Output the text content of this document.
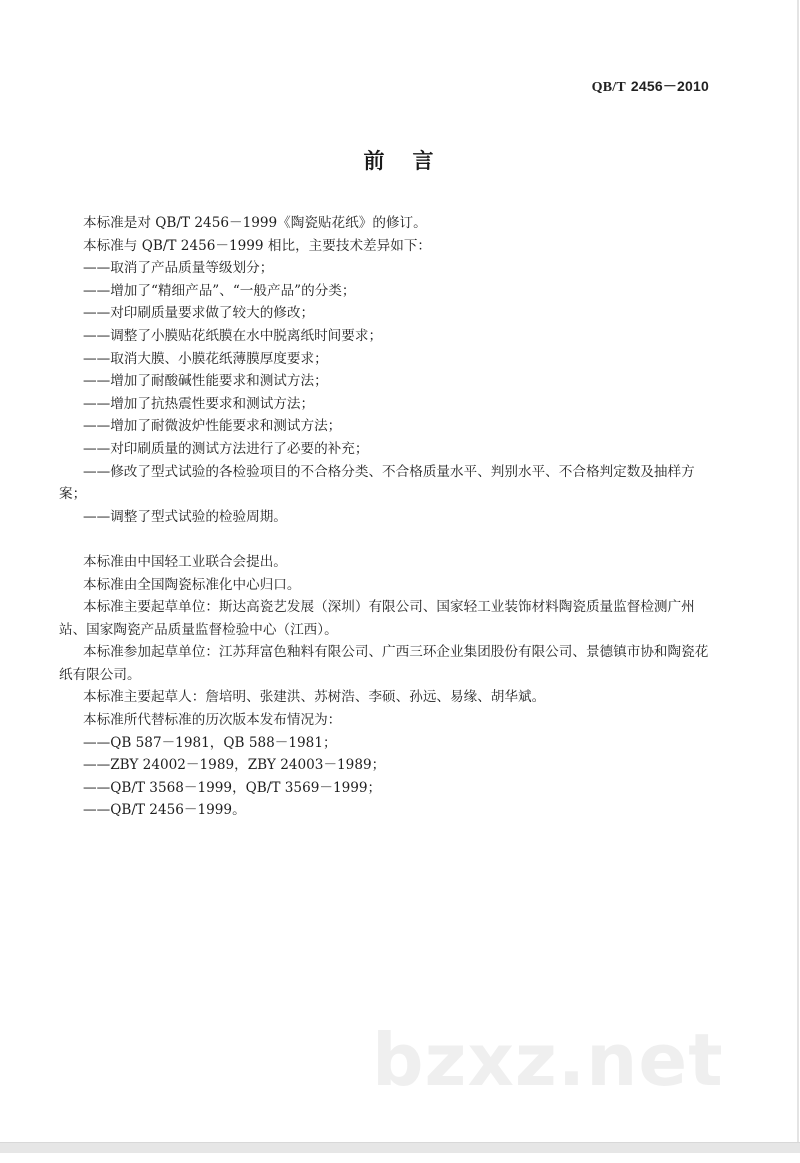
QB/T 2456－2010
前言

本标准是对 QB/T 2456－1999《陶瓷贴花纸》的修订。

本标准与 QB/T 2456－1999 相比，主要技术差异如下：

——取消了产品质量等级划分；

——增加了“精细产品”、“一般产品”的分类；

——对印刷质量要求做了较大的修改；

——调整了小膜贴花纸膜在水中脱离纸时间要求；

——取消大膜、小膜花纸薄膜厚度要求；

——增加了耐酸碱性能要求和测试方法；

——增加了抗热震性要求和测试方法；

——增加了耐微波炉性能要求和测试方法；

——对印刷质量的测试方法进行了必要的补充；

——修改了型式试验的各检验项目的不合格分类、不合格质量水平、判别水平、不合格判定数及抽样方案；

——调整了型式试验的检验周期。

本标准由中国轻工业联合会提出。

本标准由全国陶瓷标准化中心归口。

本标准主要起草单位：斯达高瓷艺发展（深圳）有限公司、国家轻工业装饰材料陶瓷质量监督检测广州站、国家陶瓷产品质量监督检验中心（江西）。

本标准参加起草单位：江苏拜富色釉料有限公司、广西三环企业集团股份有限公司、景德镇市协和陶瓷花纸有限公司。

本标准主要起草人：詹培明、张建洪、苏树浩、李硕、孙远、易缘、胡华斌。

本标准所代替标准的历次版本发布情况为：

——QB 587－1981，QB 588－1981；

——ZBY 24002－1989，ZBY 24003－1989；

——QB/T 3568－1999，QB/T 3569－1999；

——QB/T 2456－1999。

bzxz.net
